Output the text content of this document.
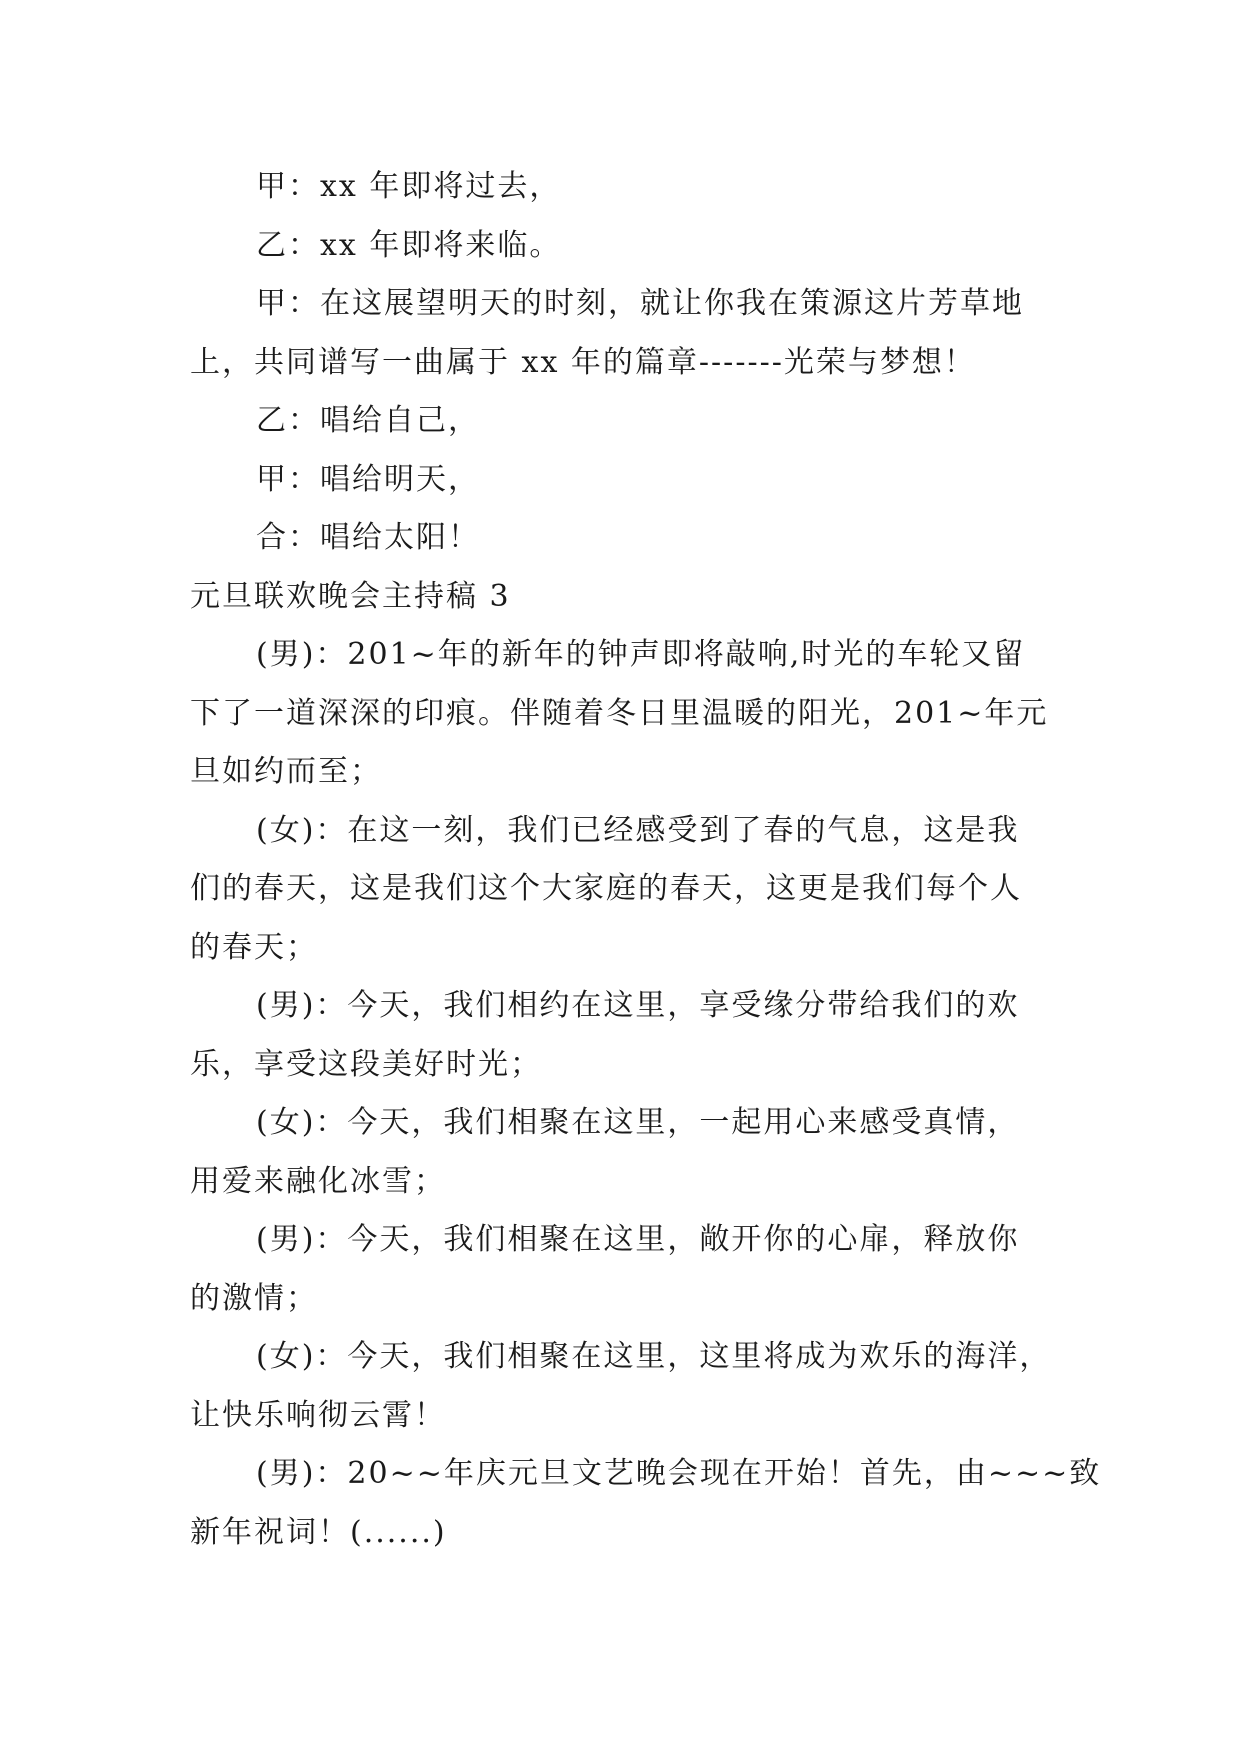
甲：xx 年即将过去，
乙：xx 年即将来临。
甲：在这展望明天的时刻，就让你我在策源这片芳草地
上，共同谱写一曲属于 xx 年的篇章-------光荣与梦想！
乙：唱给自己，
甲：唱给明天，
合：唱给太阳！
元旦联欢晚会主持稿 3
(男)：201~年的新年的钟声即将敲响,时光的车轮又留
下了一道深深的印痕。伴随着冬日里温暖的阳光，201~年元
旦如约而至；
(女)：在这一刻，我们已经感受到了春的气息，这是我
们的春天，这是我们这个大家庭的春天，这更是我们每个人
的春天；
(男)：今天，我们相约在这里，享受缘分带给我们的欢
乐，享受这段美好时光；
(女)：今天，我们相聚在这里，一起用心来感受真情，
用爱来融化冰雪；
(男)：今天，我们相聚在这里，敞开你的心扉，释放你
的激情；
(女)：今天，我们相聚在这里，这里将成为欢乐的海洋，
让快乐响彻云霄！
(男)：20~~年庆元旦文艺晚会现在开始！首先，由~~~致
新年祝词！(......)
